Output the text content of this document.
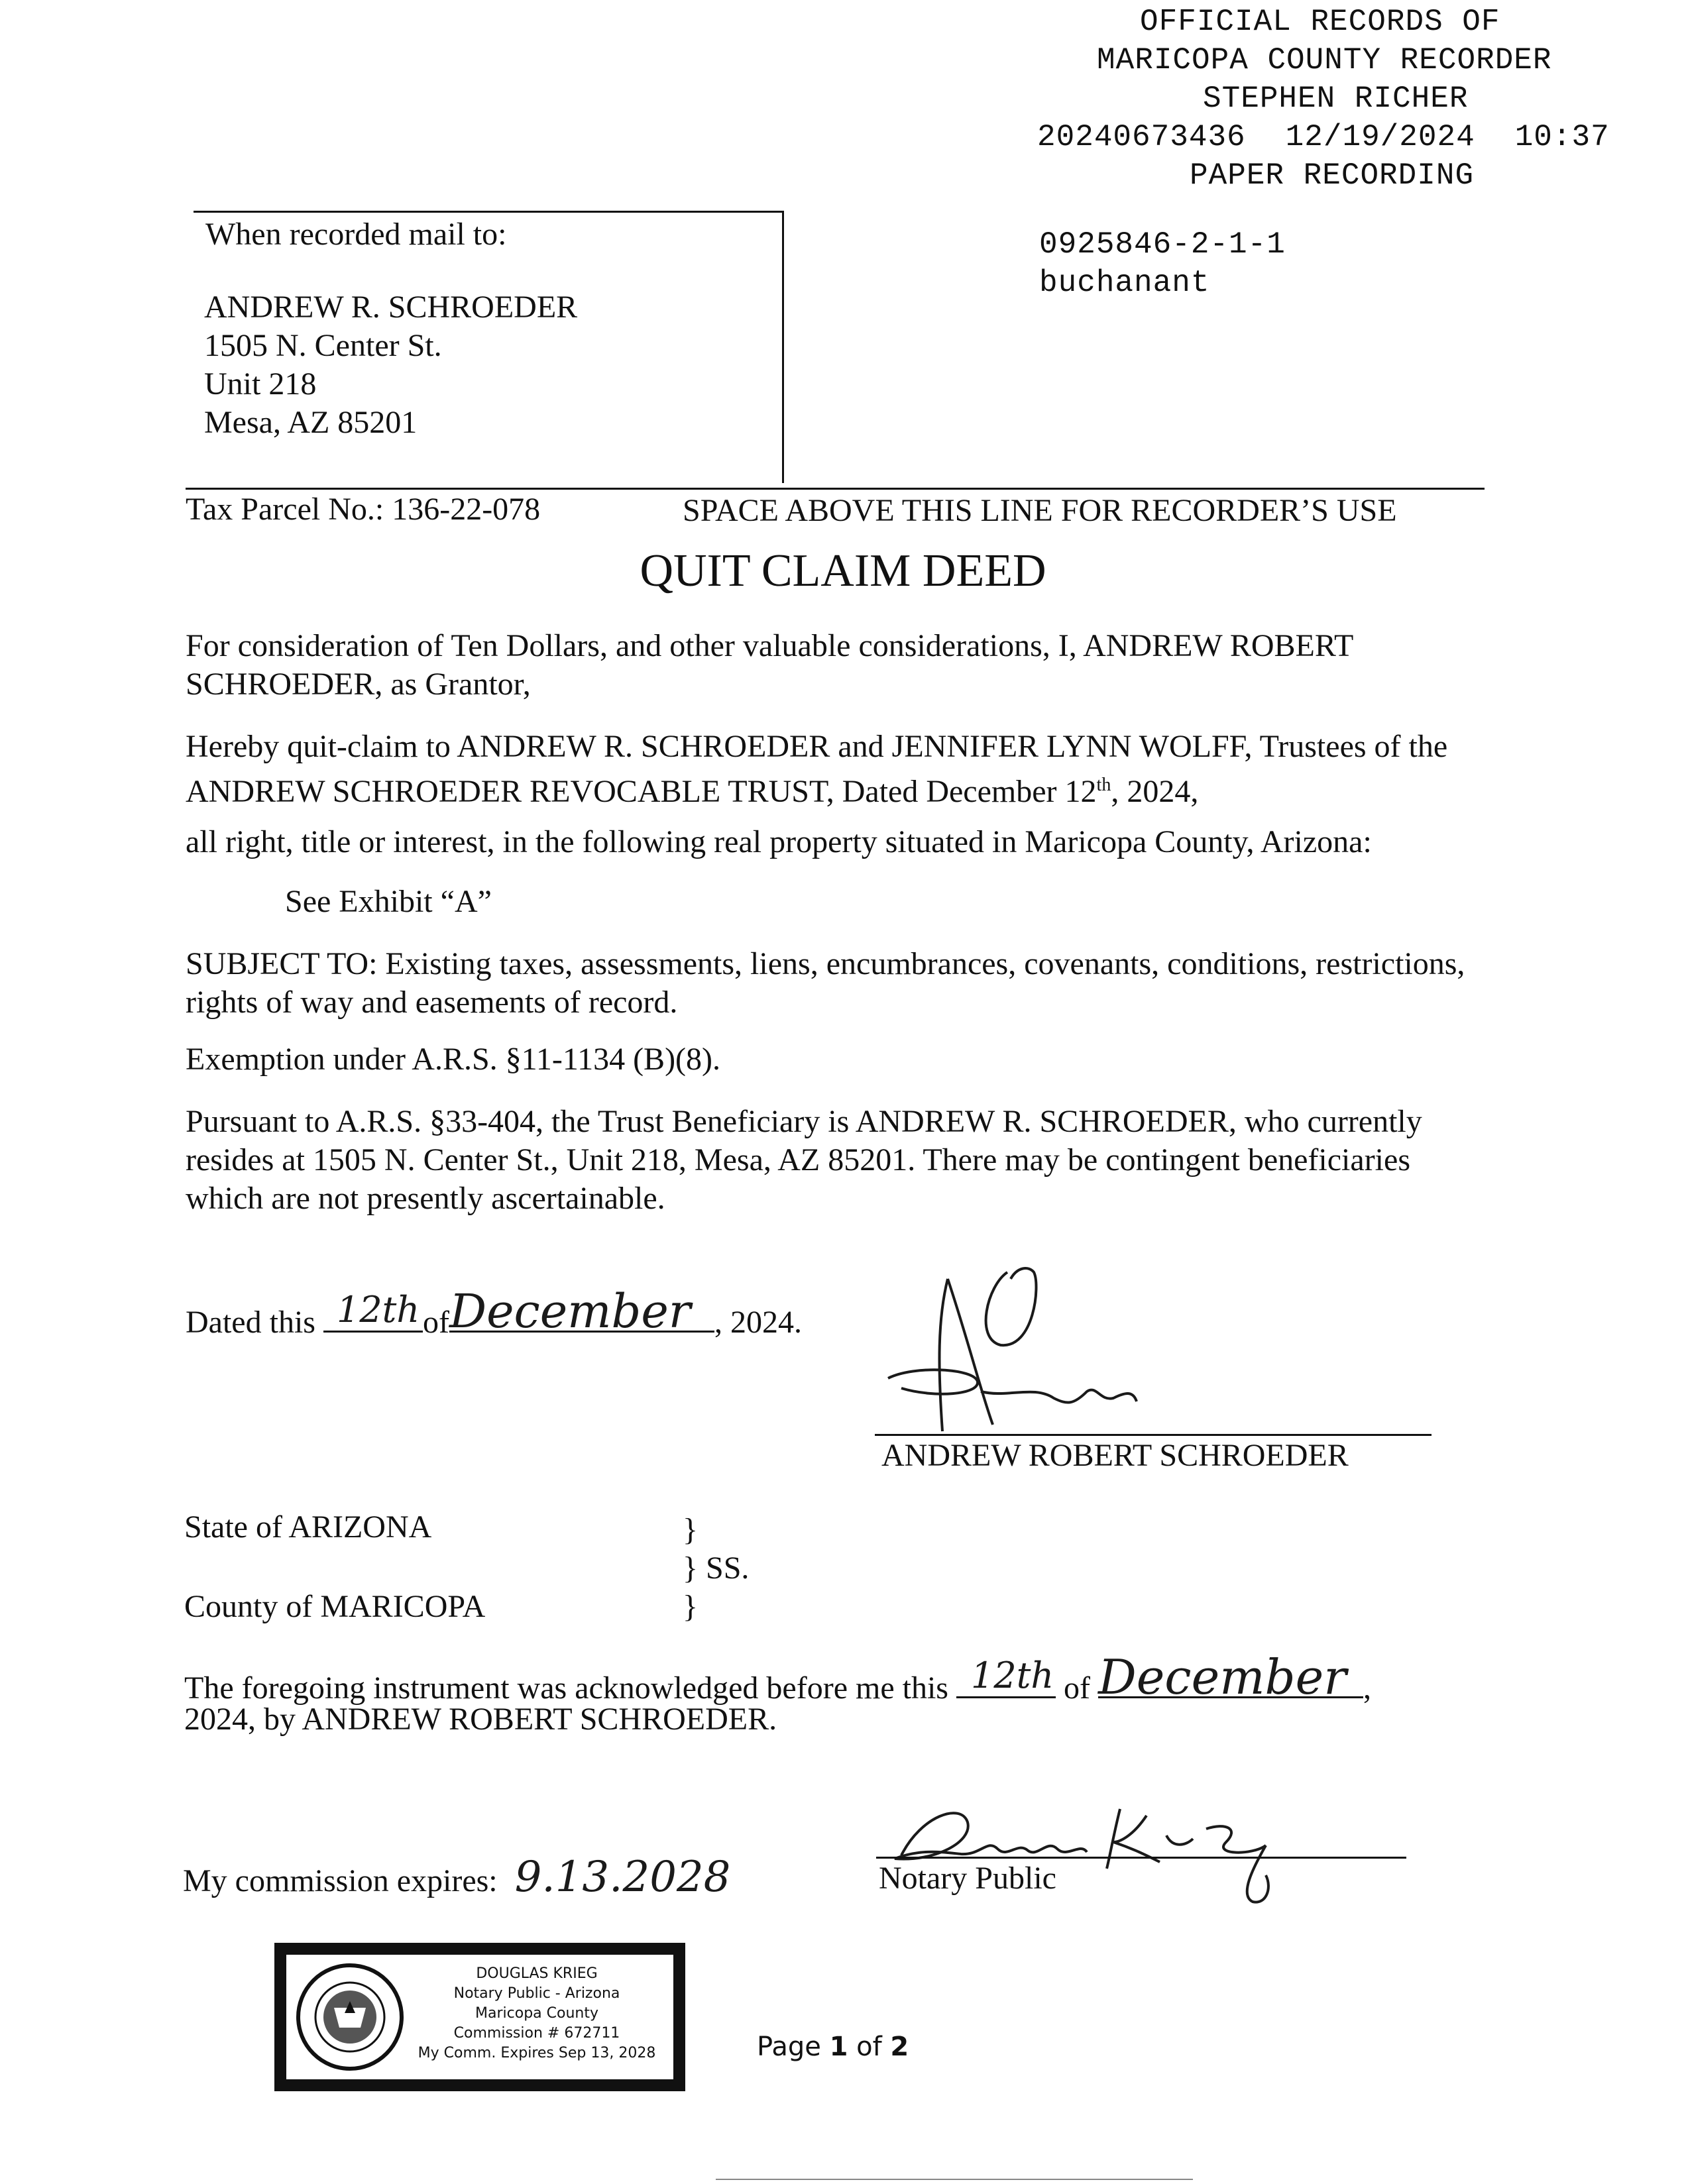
OFFICIAL RECORDS OF
MARICOPA COUNTY RECORDER
STEPHEN RICHER
20240673436 12/19/2024 10:37
PAPER RECORDING
0925846-2-1-1
buchanant
When recorded mail to:
ANDREW R. SCHROEDER
1505 N. Center St.
Unit 218
Mesa, AZ 85201
Tax Parcel No.: 136-22-078	SPACE ABOVE THIS LINE FOR RECORDER’S USE
QUIT CLAIM DEED
For consideration of Ten Dollars, and other valuable considerations, I, ANDREW ROBERT SCHROEDER, as Grantor,
Hereby quit-claim to ANDREW R. SCHROEDER and JENNIFER LYNN WOLFF, Trustees of the ANDREW SCHROEDER REVOCABLE TRUST, Dated December 12th, 2024,
all right, title or interest, in the following real property situated in Maricopa County, Arizona:
See Exhibit “A”
SUBJECT TO: Existing taxes, assessments, liens, encumbrances, covenants, conditions, restrictions, rights of way and easements of record.
Exemption under A.R.S. §11-1134 (B)(8).
Pursuant to A.R.S. §33-404, the Trust Beneficiary is ANDREW R. SCHROEDER, who currently resides at 1505 N. Center St., Unit 218, Mesa, AZ 85201. There may be contingent beneficiaries which are not presently ascertainable.
Dated this 12th of December , 2024.
ANDREW ROBERT SCHROEDER
State of ARIZONA
County of MARICOPA
}
} SS.
}
The foregoing instrument was acknowledged before me this 12th of December ,
2024, by ANDREW ROBERT SCHROEDER.
My commission expires: 9.13.2028	Notary Public
DOUGLAS KRIEG
Notary Public - Arizona
Maricopa County
Commission # 672711
My Comm. Expires Sep 13, 2028	Page 1 of 2
